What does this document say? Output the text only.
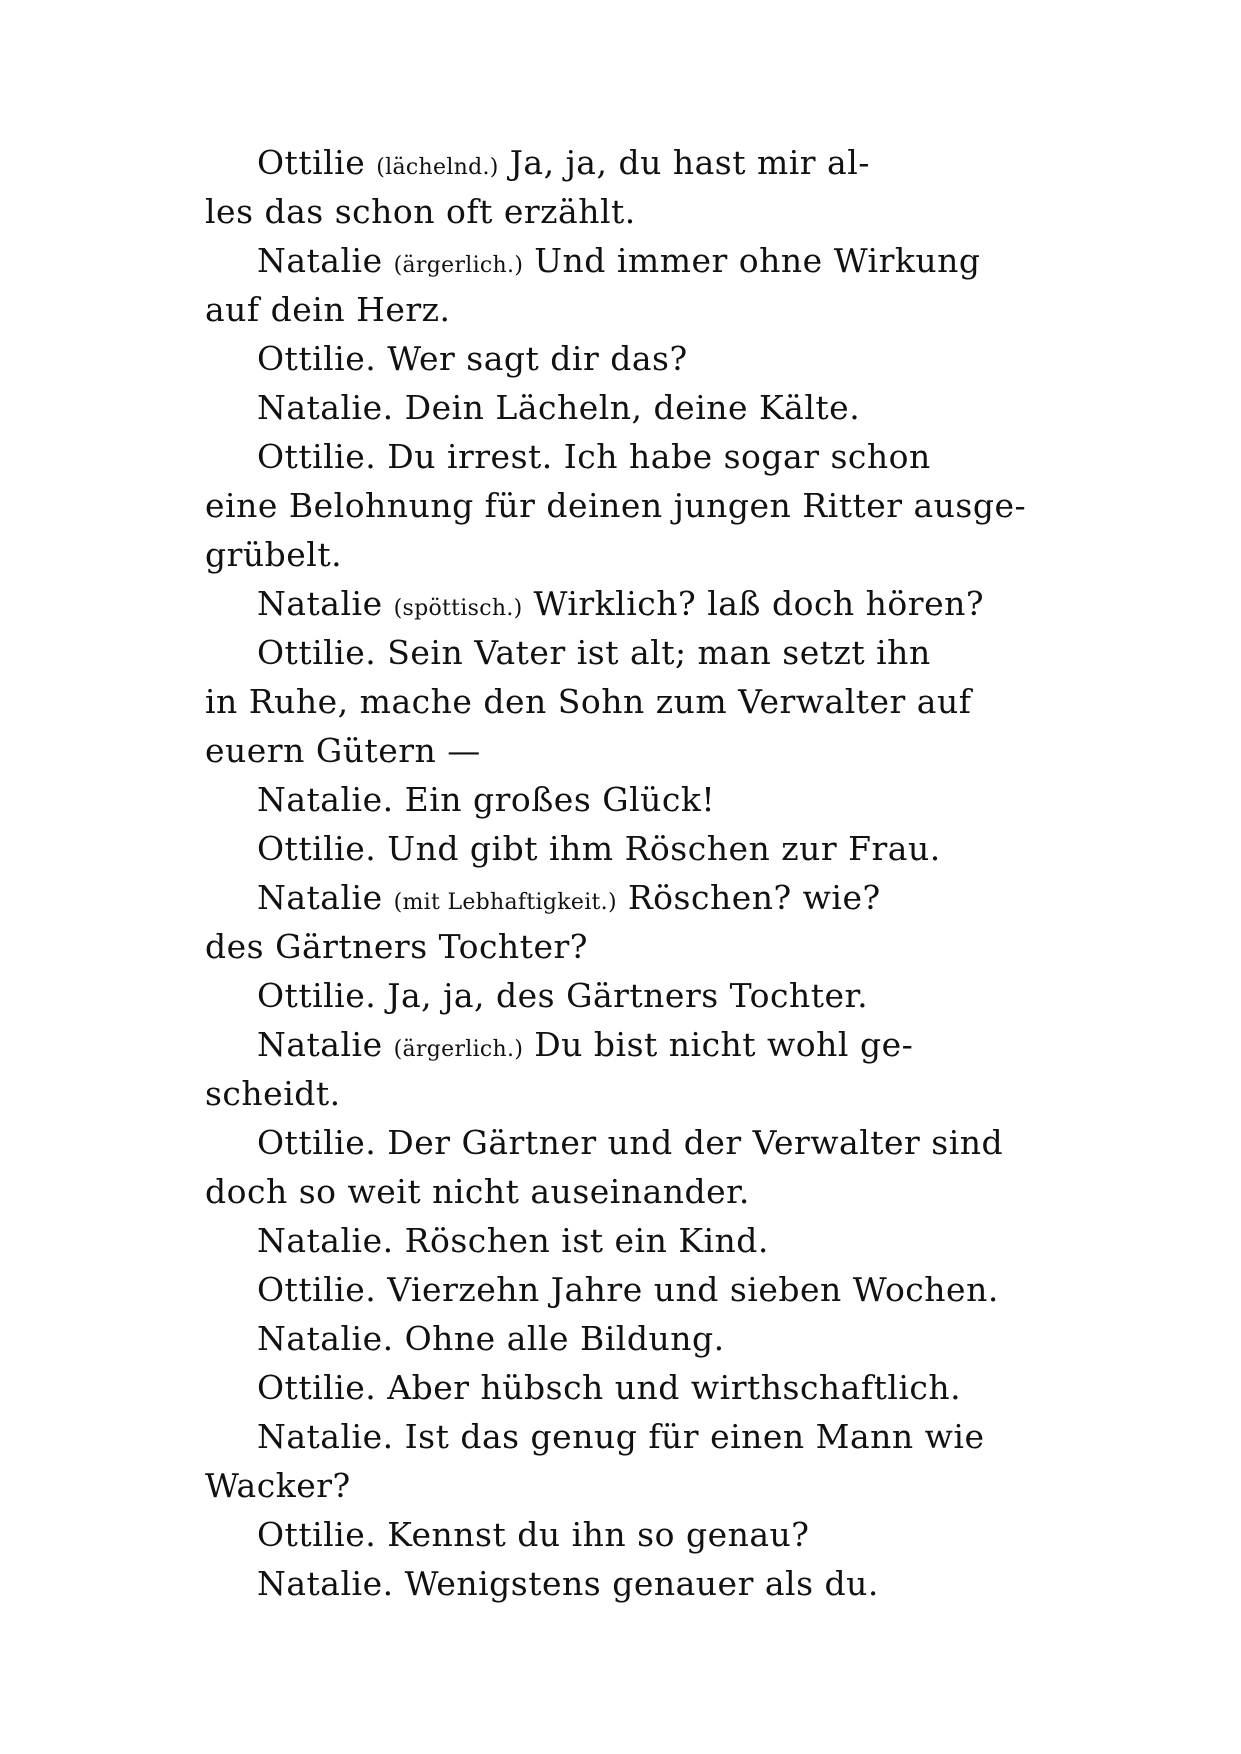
Ottilie (lächelnd.) Ja, ja, du hast mir al-
les das schon oft erzählt.
Natalie (ärgerlich.) Und immer ohne Wirkung
auf dein Herz.
Ottilie. Wer sagt dir das?
Natalie. Dein Lächeln, deine Kälte.
Ottilie. Du irrest. Ich habe sogar schon
eine Belohnung für deinen jungen Ritter ausge-
grübelt.
Natalie (spöttisch.) Wirklich? laß doch hören?
Ottilie. Sein Vater ist alt; man setzt ihn
in Ruhe, mache den Sohn zum Verwalter auf
euern Gütern —
Natalie. Ein großes Glück!
Ottilie. Und gibt ihm Röschen zur Frau.
Natalie (mit Lebhaftigkeit.) Röschen? wie?
des Gärtners Tochter?
Ottilie. Ja, ja, des Gärtners Tochter.
Natalie (ärgerlich.) Du bist nicht wohl ge-
scheidt.
Ottilie. Der Gärtner und der Verwalter sind
doch so weit nicht auseinander.
Natalie. Röschen ist ein Kind.
Ottilie. Vierzehn Jahre und sieben Wochen.
Natalie. Ohne alle Bildung.
Ottilie. Aber hübsch und wirthschaftlich.
Natalie. Ist das genug für einen Mann wie
Wacker?
Ottilie. Kennst du ihn so genau?
Natalie. Wenigstens genauer als du.
